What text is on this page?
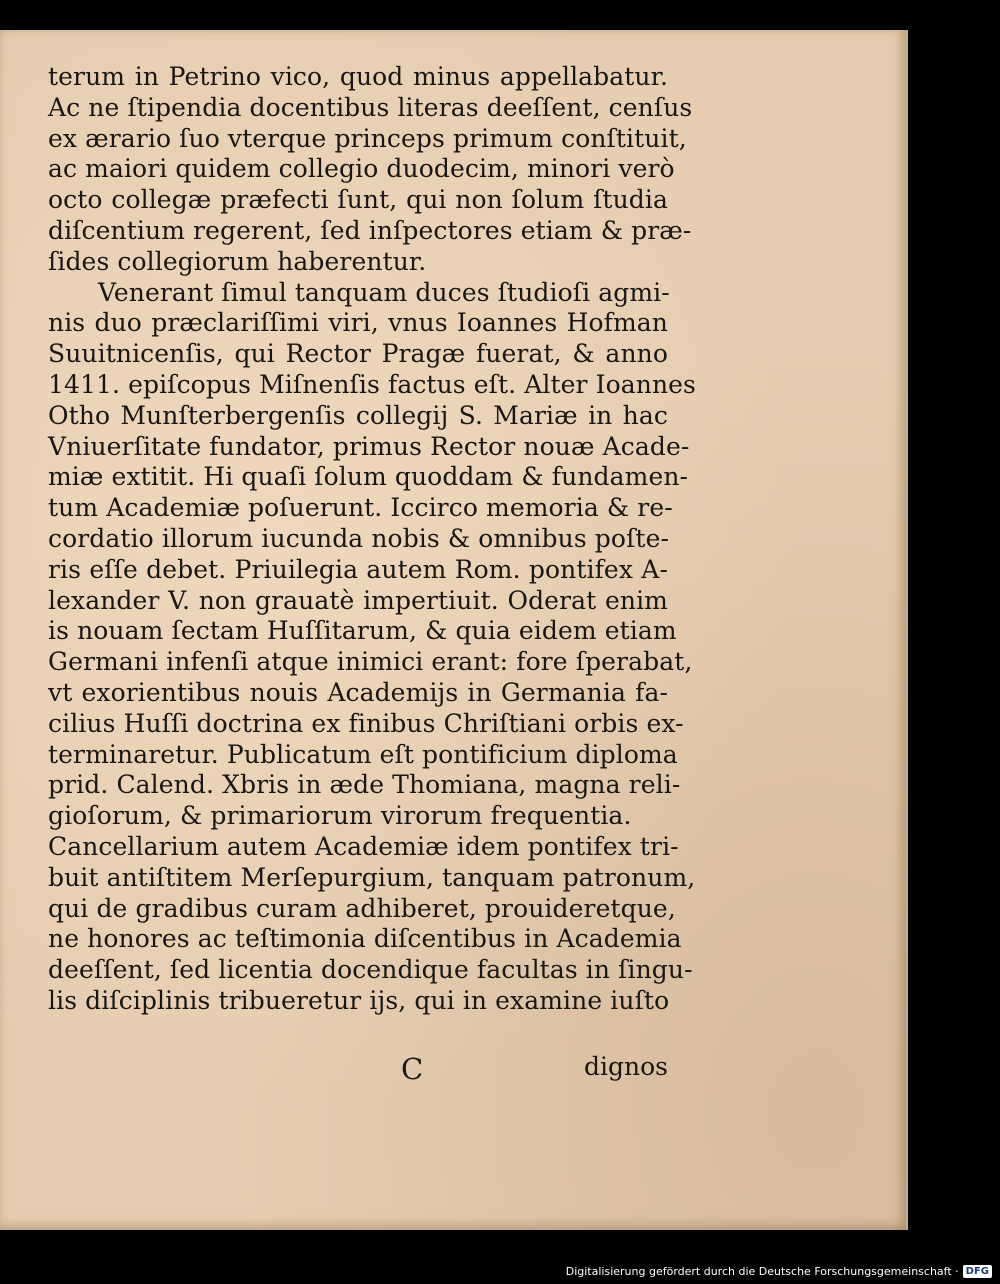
terum in Petrino vico, quod minus appellabatur.
Ac ne ſtipendia docentibus literas deeſſent, cenſus
ex ærario ſuo vterque princeps primum conſtituit,
ac maiori quidem collegio duodecim, minori verò
octo collegæ præfecti ſunt, qui non ſolum ſtudia
diſcentium regerent, ſed inſpectores etiam & præ-
ſides collegiorum haberentur.
Venerant ſimul tanquam duces ſtudioſi agmi-
nis duo præclariſſimi viri, vnus Ioannes Hofman
Suuitnicenſis, qui Rector Pragæ fuerat, & anno
1411. epiſcopus Miſnenſis factus eſt. Alter Ioannes
Otho Munſterbergenſis collegij S. Mariæ in hac
Vniuerſitate fundator, primus Rector nouæ Acade-
miæ extitit. Hi quaſi ſolum quoddam & fundamen-
tum Academiæ poſuerunt. Iccirco memoria & re-
cordatio illorum iucunda nobis & omnibus poſte-
ris eſſe debet. Priuilegia autem Rom. pontifex A-
lexander V. non grauatè impertiuit. Oderat enim
is nouam ſectam Huſſitarum, & quia eidem etiam
Germani infenſi atque inimici erant: fore ſperabat,
vt exorientibus nouis Academijs in Germania fa-
cilius Huſſi doctrina ex finibus Chriſtiani orbis ex-
terminaretur. Publicatum eſt pontificium diploma
prid. Calend. Xbris in æde Thomiana, magna reli-
gioſorum, & primariorum virorum frequentia.
Cancellarium autem Academiæ idem pontifex tri-
buit antiſtitem Merſepurgium, tanquam patronum,
qui de gradibus curam adhiberet, prouideretque,
ne honores ac teſtimonia diſcentibus in Academia
deeſſent, ſed licentia docendique facultas in ſingu-
lis diſciplinis tribueretur ijs, qui in examine iuſto
C	dignos
Digitalisierung gefördert durch die Deutsche Forschungsgemeinschaft · DFG
